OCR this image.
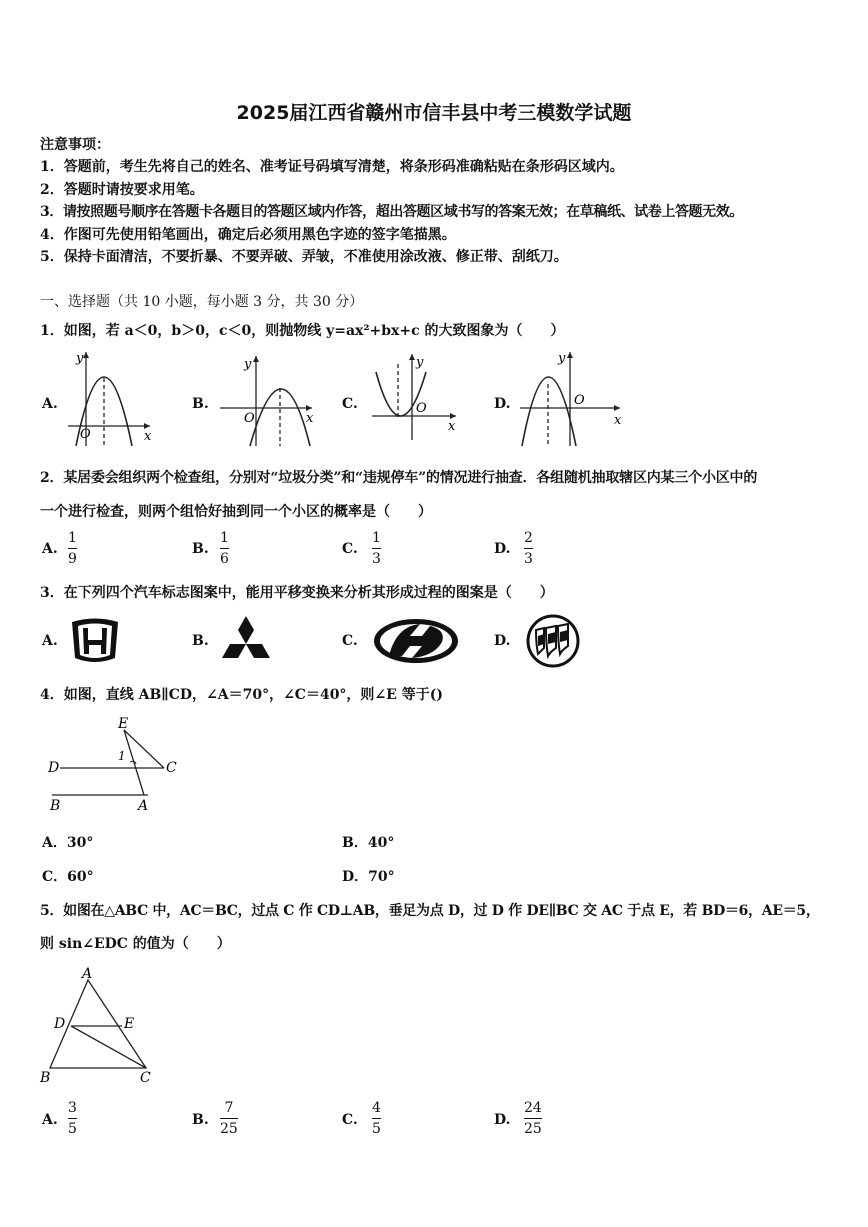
2025届江西省赣州市信丰县中考三模数学试题
注意事项：
1．答题前，考生先将自己的姓名、准考证号码填写清楚，将条形码准确粘贴在条形码区域内。
2．答题时请按要求用笔。
3．请按照题号顺序在答题卡各题目的答题区域内作答，超出答题区域书写的答案无效；在草稿纸、试卷上答题无效。
4．作图可先使用铅笔画出，确定后必须用黑色字迹的签字笔描黑。
5．保持卡面清洁，不要折暴、不要弄破、弄皱，不准使用涂改液、修正带、刮纸刀。
一、选择题（共 10 小题，每小题 3 分，共 30 分）
1．如图，若 a＜0，b＞0，c＜0，则抛物线 y=ax²+bx+c 的大致图象为（　　）
A.
x
y
O
B.
x
y
O
C.
x
y
O	D.
x
y
O
2．某居委会组织两个检查组，分别对“垃圾分类”和“违规停车”的情况进行抽查．各组随机抽取辖区内某三个小区中的
一个进行检查，则两个组恰好抽到同一个小区的概率是（　　）
A.
1
9
B.
1
6
C.
1
3
D.
2
3
3．在下列四个汽车标志图案中，能用平移变换来分析其形成过程的图案是（　　）
A.	B.	C.	D.
4．如图，直线 AB∥CD，∠A＝70°，∠C＝40°，则∠E 等于()
E
D	C
B	A
1
A．30°	B．40°
C．60°	D．70°
5．如图在△ABC 中，AC＝BC，过点 C 作 CD⊥AB，垂足为点 D，过 D 作 DE∥BC 交 AC 于点 E，若 BD＝6，AE＝5，
则 sin∠EDC 的值为（　　）
A
D	E
B	C
A.
3
5
B.
7
25
C.
4
5
D.
24
25
